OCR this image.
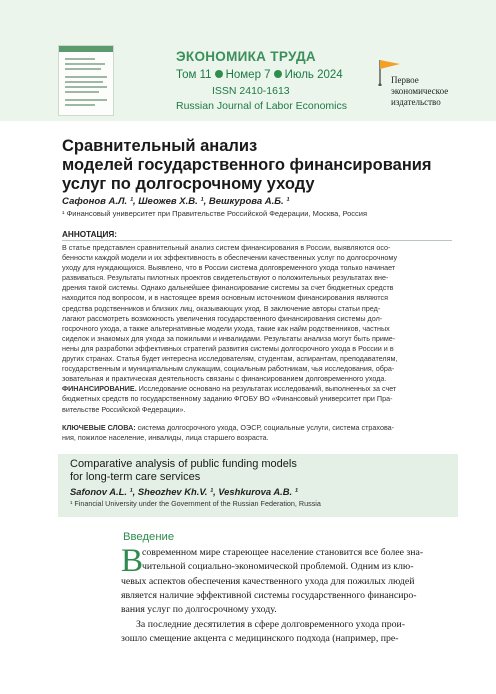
ЭКОНОМИКА ТРУДА
Том 11 Номер 7 Июль 2024
ISSN 2410-1613
Russian Journal of Labor Economics
Первое
экономическое
издательство
Сравнительный анализ
моделей государственного финансирования
услуг по долгосрочному уходу
Сафонов А.Л. ¹, Шеожев Х.В. ¹, Вешкурова А.Б. ¹
¹ Финансовый университет при Правительстве Российской Федерации, Москва, Россия
АННОТАЦИЯ:
В статье представлен сравнительный анализ систем финансирования в России, выявляются осо-
бенности каждой модели и их эффективность в обеспечении качественных услуг по долгосрочному
уходу для нуждающихся. Выявлено, что в России система долговременного ухода только начинает
развиваться. Результаты пилотных проектов свидетельствуют о положительных результатах вне-
дрения такой системы. Однако дальнейшее финансирование системы за счет бюджетных средств
находится под вопросом, и в настоящее время основным источником финансирования являются
средства родственников и близких лиц, оказывающих уход. В заключение авторы статьи пред-
лагают рассмотреть возможность увеличения государственного финансирования системы дол-
госрочного ухода, а также альтернативные модели ухода, такие как найм родственников, частных
сиделок и знакомых для ухода за пожилыми и инвалидами. Результаты анализа могут быть приме-
нены для разработки эффективных стратегий развития системы долгосрочного ухода в России и в
других странах. Статья будет интересна исследователям, студентам, аспирантам, преподавателям,
государственным и муниципальным служащим, социальным работникам, чья исследования, обра-
зовательная и практическая деятельность связаны с финансированием долговременного ухода.
ФИНАНСИРОВАНИЕ. Исследование основано на результатах исследований, выполненных за счет
бюджетных средств по государственному заданию ФГОБУ ВО «Финансовый университет при Пра-
вительстве Российской Федерации».
КЛЮЧЕВЫЕ СЛОВА: система долгосрочного ухода, ОЭСР, социальные услуги, система страхова-
ния, пожилое население, инвалиды, лица старшего возраста.
Comparative analysis of public funding models
for long-term care services
Safonov A.L. ¹, Sheozhev Kh.V. ¹, Veshkurova A.B. ¹
¹ Financial University under the Government of the Russian Federation, Russia
Введение
В
современном мире стареющее население становится все более зна-
чительной социально-экономической проблемой. Одним из клю-
чевых аспектов обеспечения качественного ухода для пожилых людей
является наличие эффективной системы государственного финансиро-
вания услуг по долгосрочному уходу.
За последние десятилетия в сфере долговременного ухода прои-
зошло смещение акцента с медицинского подхода (например, пре-
